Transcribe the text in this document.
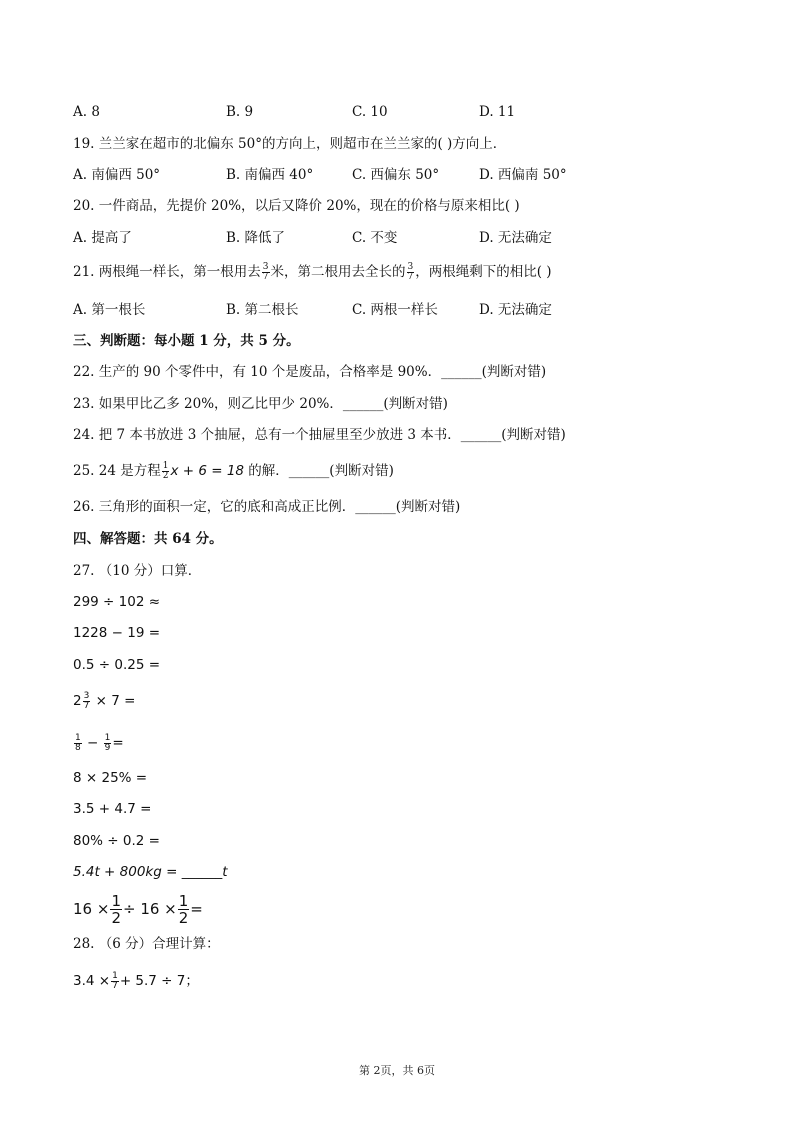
A. 8	B. 9	C. 10	D. 11
19. 兰兰家在超市的北偏东 50°的方向上，则超市在兰兰家的( )方向上．
A. 南偏西 50°	B. 南偏西 40°	C. 西偏东 50°	D. 西偏南 50°
20. 一件商品，先提价 20%，以后又降价 20%，现在的价格与原来相比( )
A. 提高了	B. 降低了	C. 不变	D. 无法确定
21. 两根绳一样长，第一根用去 $\frac{3}{7}$ 米，第二根用去全长的 $\frac{3}{7}$ ，两根绳剩下的相比( )
A. 第一根长	B. 第二根长	C. 两根一样长	D. 无法确定
三、判断题：每小题 1 分，共 5 分。
22. 生产的 90 个零件中，有 10 个是废品，合格率是 90%．______(判断对错)
23. 如果甲比乙多 20%，则乙比甲少 20%．______(判断对错)
24. 把 7 本书放进 3 个抽屉，总有一个抽屉里至少放进 3 本书．______(判断对错)
25. 24 是方程 $\frac{1}{2}$ x + 6 = 18 的解．______(判断对错)
26. 三角形的面积一定，它的底和高成正比例．______(判断对错)
四、解答题：共 64 分。
27. （10 分）口算．
299 ÷ 102 ≈
1228 − 19 =
0.5 ÷ 0.25 =
$2 \frac{3}{7} \times 7$ =
$\frac{1}{8} - \frac{1}{9}$ =
8 × 25% =
3.5 + 4.7 =
80% ÷ 0.2 =
5.4t + 800kg = ______t
$16 \times \frac{1}{2} \div 16 \times \frac{1}{2}$ =
28. （6 分）合理计算：
$3.4 \times \frac{1}{7} + 5.7 \div 7$；
第 2页，共 6页
